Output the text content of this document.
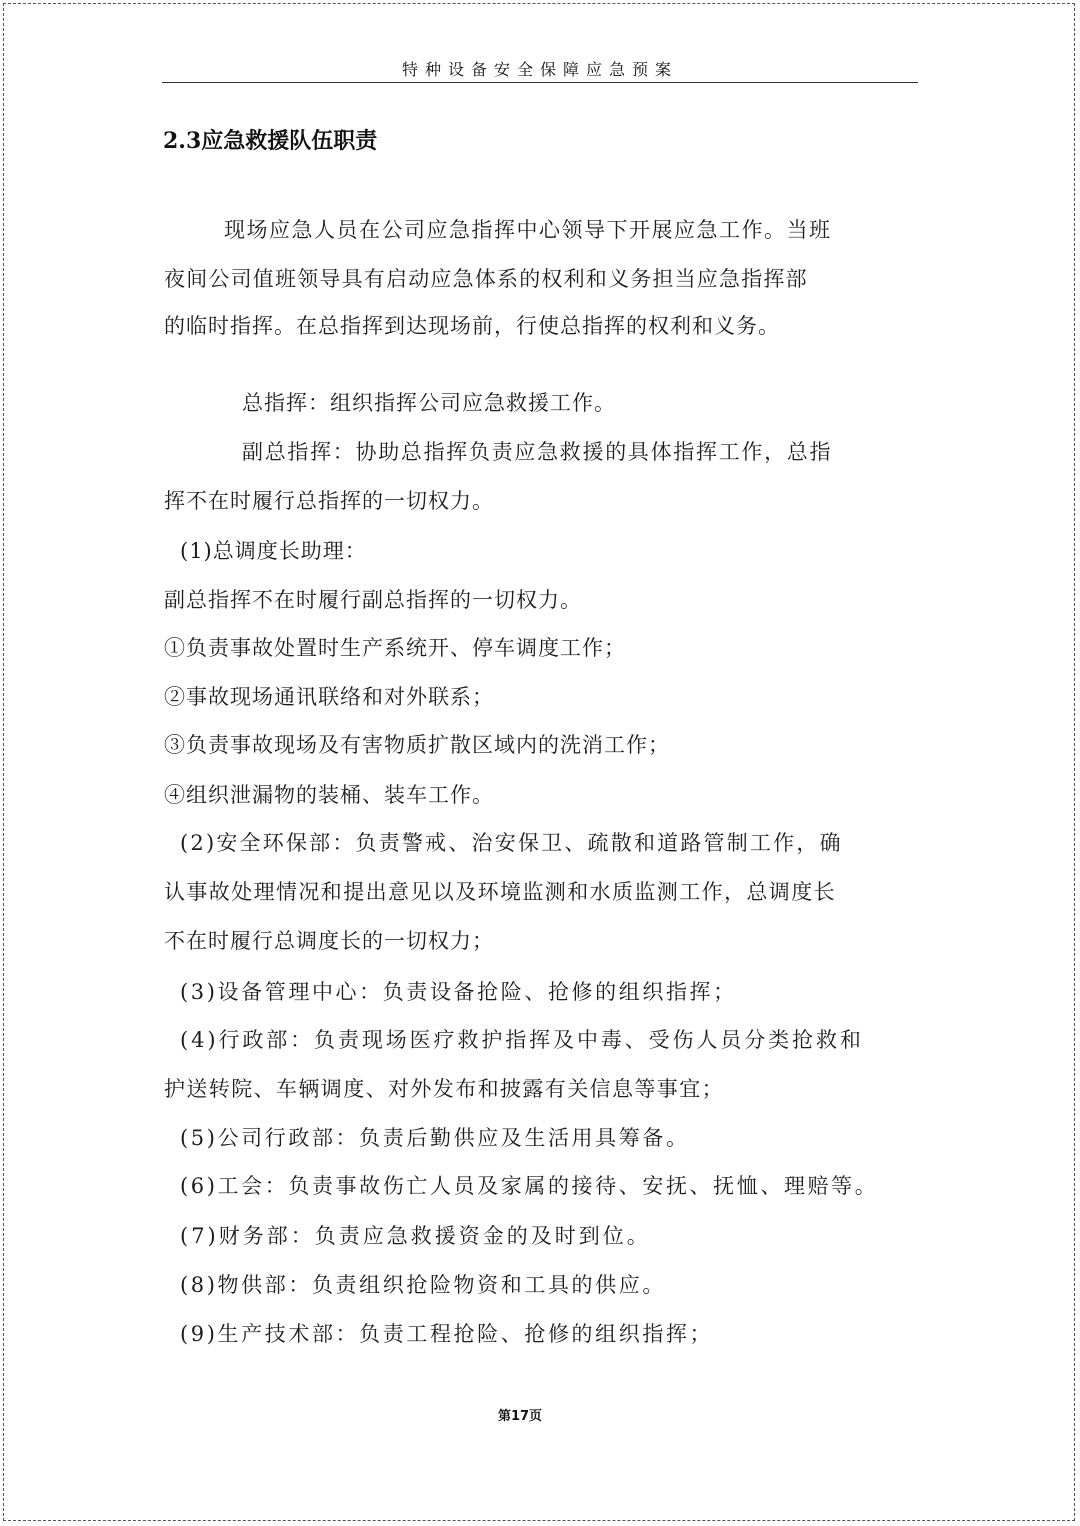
特种设备安全保障应急预案
2.3应急救援队伍职责
现场应急人员在公司应急指挥中心领导下开展应急工作。当班
夜间公司值班领导具有启动应急体系的权利和义务担当应急指挥部
的临时指挥。在总指挥到达现场前，行使总指挥的权利和义务。
总指挥：组织指挥公司应急救援工作。
副总指挥：协助总指挥负责应急救援的具体指挥工作，总指
挥不在时履行总指挥的一切权力。
(1)总调度长助理：
副总指挥不在时履行副总指挥的一切权力。
①负责事故处置时生产系统开、停车调度工作；
②事故现场通讯联络和对外联系；
③负责事故现场及有害物质扩散区域内的洗消工作；
④组织泄漏物的装桶、装车工作。
(2)安全环保部：负责警戒、治安保卫、疏散和道路管制工作，确
认事故处理情况和提出意见以及环境监测和水质监测工作，总调度长
不在时履行总调度长的一切权力；
(3)设备管理中心：负责设备抢险、抢修的组织指挥；
(4)行政部：负责现场医疗救护指挥及中毒、受伤人员分类抢救和
护送转院、车辆调度、对外发布和披露有关信息等事宜；
(5)公司行政部：负责后勤供应及生活用具筹备。
(6)工会：负责事故伤亡人员及家属的接待、安抚、抚恤、理赔等。
(7)财务部：负责应急救援资金的及时到位。
(8)物供部：负责组织抢险物资和工具的供应。
(9)生产技术部：负责工程抢险、抢修的组织指挥；
第17页
